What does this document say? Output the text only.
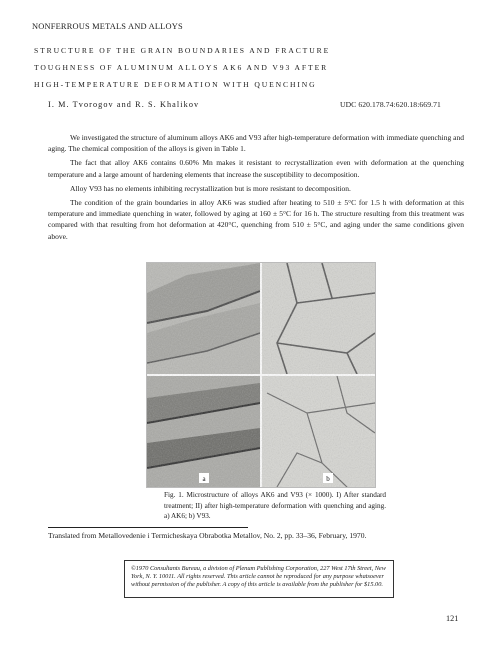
NONFERROUS METALS AND ALLOYS
STRUCTURE OF THE GRAIN BOUNDARIES AND FRACTURE
TOUGHNESS OF ALUMINUM ALLOYS AK6 AND V93 AFTER
HIGH-TEMPERATURE DEFORMATION WITH QUENCHING
I. M. Tvorogov and R. S. Khalikov	UDC 620.178.74:620.18:669.71

We investigated the structure of aluminum alloys AK6 and V93 after high-temperature deformation with immediate quenching and aging. The chemical composition of the alloys is given in Table 1.

The fact that alloy AK6 contains 0.60% Mn makes it resistant to recrystallization even with deformation at the quenching temperature and a large amount of hardening elements that increase the susceptibility to decomposition.

Alloy V93 has no elements inhibiting recrystallization but is more resistant to decomposition.

The condition of the grain boundaries in alloy AK6 was studied after heating to 510 ± 5°C for 1.5 h with deformation at this temperature and immediate quenching in water, followed by aging at 160 ± 5°C for 16 h. The structure resulting from this treatment was compared with that resulting from hot deformation at 420°C, quenching from 510 ± 5°C, and aging under the same conditions given above.

a	b
Fig. 1. Microstructure of alloys AK6 and V93 (× 1000). I) After standard treatment; II) after high-temperature deformation with quenching and aging. a) AK6; b) V93.
Translated from Metallovedenie i Termicheskaya Obrabotka Metallov, No. 2, pp. 33–36, February, 1970.
©1970 Consultants Bureau, a division of Plenum Publishing Corporation, 227 West 17th Street, New York, N. Y. 10011. All rights reserved. This article cannot be reproduced for any purpose whatsoever without permission of the publisher. A copy of this article is available from the publisher for $15.00.
121
